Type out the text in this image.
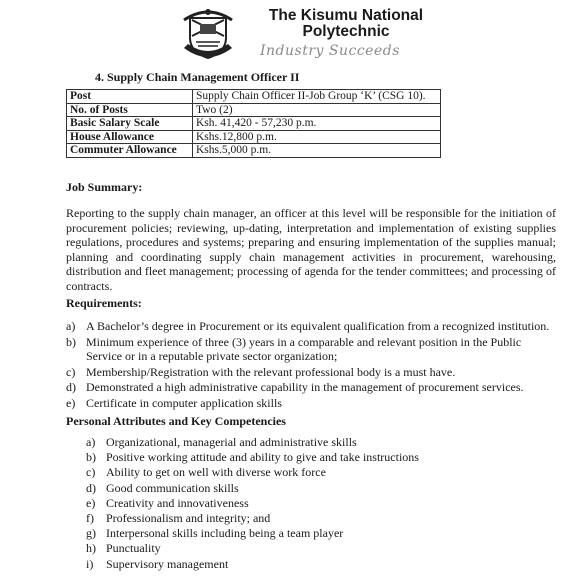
The Kisumu National
Polytechnic
Industry Succeeds
4. Supply Chain Management Officer II
Post	Supply Chain Officer II-Job Group ‘K’ (CSG 10).
No. of Posts	Two (2)
Basic Salary Scale	Ksh. 41,420 - 57,230 p.m.
House Allowance	Kshs.12,800 p.m.
Commuter Allowance	Kshs.5,000 p.m.
Job Summary:
Reporting to the supply chain manager, an officer at this level will be responsible for the initiation of procurement policies; reviewing, up-dating, interpretation and implementation of existing supplies regulations, procedures and systems; preparing and ensuring implementation of the supplies manual; planning and coordinating supply chain management activities in procurement, warehousing, distribution and fleet management; processing of agenda for the tender committees; and processing of contracts.
Requirements:
a) A Bachelor’s degree in Procurement or its equivalent qualification from a recognized institution.
b) Minimum experience of three (3) years in a comparable and relevant position in the Public Service or in a reputable private sector organization;
c) Membership/Registration with the relevant professional body is a must have.
d) Demonstrated a high administrative capability in the management of procurement services.
e) Certificate in computer application skills
Personal Attributes and Key Competencies
a) Organizational, managerial and administrative skills
b) Positive working attitude and ability to give and take instructions
c) Ability to get on well with diverse work force
d) Good communication skills
e) Creativity and innovativeness
f) Professionalism and integrity; and
g) Interpersonal skills including being a team player
h) Punctuality
i) Supervisory management
